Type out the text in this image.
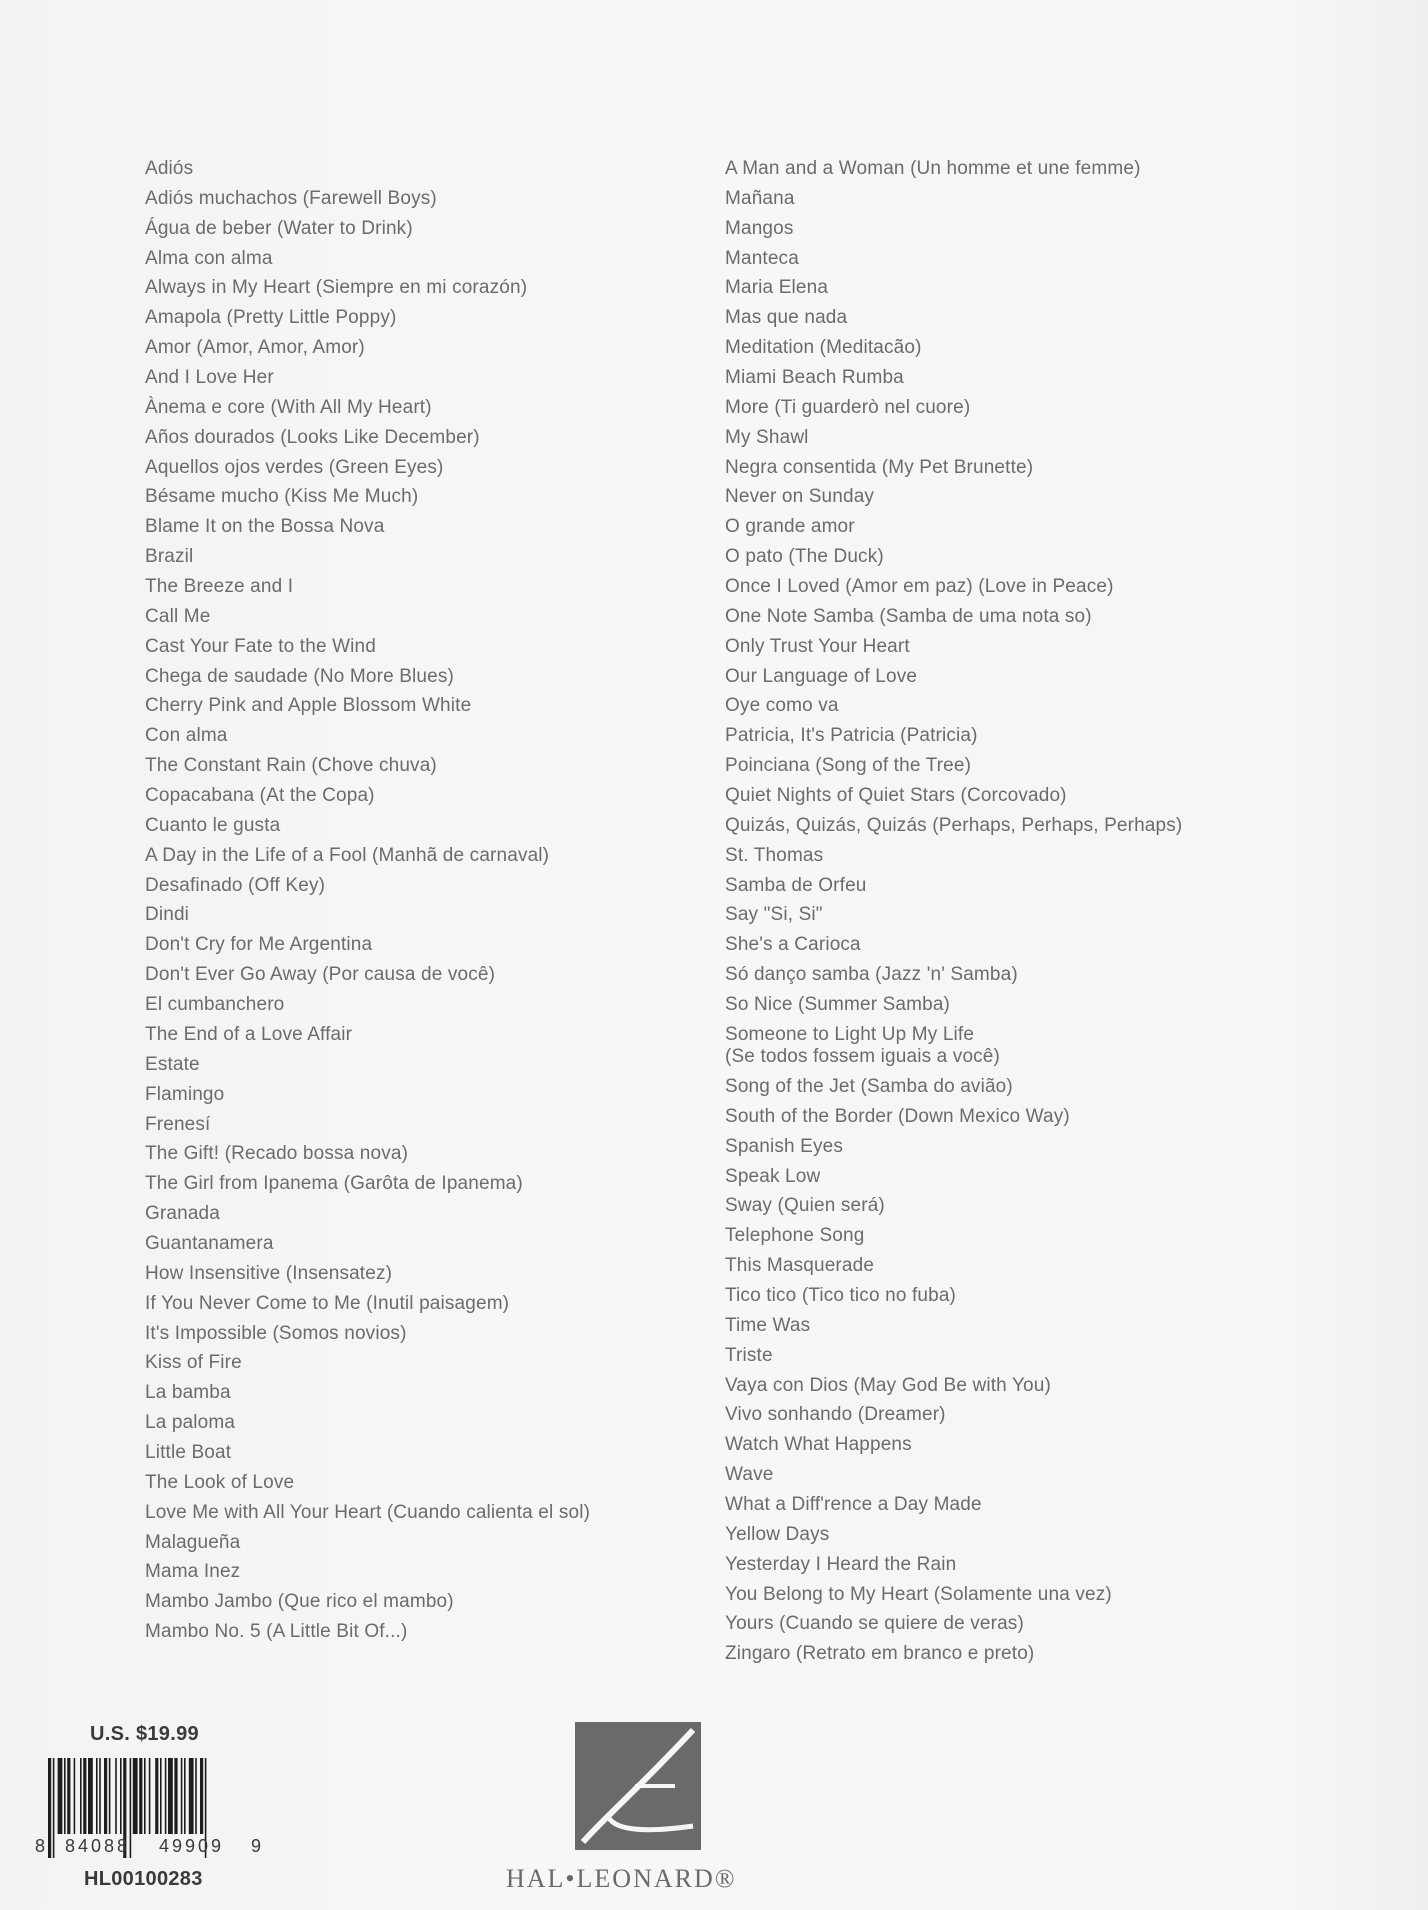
Adiós
Adiós muchachos (Farewell Boys)
Água de beber (Water to Drink)
Alma con alma
Always in My Heart (Siempre en mi corazón)
Amapola (Pretty Little Poppy)
Amor (Amor, Amor, Amor)
And I Love Her
Ànema e core (With All My Heart)
Años dourados (Looks Like December)
Aquellos ojos verdes (Green Eyes)
Bésame mucho (Kiss Me Much)
Blame It on the Bossa Nova
Brazil
The Breeze and I
Call Me
Cast Your Fate to the Wind
Chega de saudade (No More Blues)
Cherry Pink and Apple Blossom White
Con alma
The Constant Rain (Chove chuva)
Copacabana (At the Copa)
Cuanto le gusta
A Day in the Life of a Fool (Manhã de carnaval)
Desafinado (Off Key)
Dindi
Don't Cry for Me Argentina
Don't Ever Go Away (Por causa de você)
El cumbanchero
The End of a Love Affair
Estate
Flamingo
Frenesí
The Gift! (Recado bossa nova)
The Girl from Ipanema (Garôta de Ipanema)
Granada
Guantanamera
How Insensitive (Insensatez)
If You Never Come to Me (Inutil paisagem)
It's Impossible (Somos novios)
Kiss of Fire
La bamba
La paloma
Little Boat
The Look of Love
Love Me with All Your Heart (Cuando calienta el sol)
Malagueña
Mama Inez
Mambo Jambo (Que rico el mambo)
Mambo No. 5 (A Little Bit Of...)
A Man and a Woman (Un homme et une femme)
Mañana
Mangos
Manteca
Maria Elena
Mas que nada
Meditation (Meditacão)
Miami Beach Rumba
More (Ti guarderò nel cuore)
My Shawl
Negra consentida (My Pet Brunette)
Never on Sunday
O grande amor
O pato (The Duck)
Once I Loved (Amor em paz) (Love in Peace)
One Note Samba (Samba de uma nota so)
Only Trust Your Heart
Our Language of Love
Oye como va
Patricia, It's Patricia (Patricia)
Poinciana (Song of the Tree)
Quiet Nights of Quiet Stars (Corcovado)
Quizás, Quizás, Quizás (Perhaps, Perhaps, Perhaps)
St. Thomas
Samba de Orfeu
Say "Si, Si"
She's a Carioca
Só danço samba (Jazz 'n' Samba)
So Nice (Summer Samba)
Someone to Light Up My Life
(Se todos fossem iguais a você)
Song of the Jet (Samba do avião)
South of the Border (Down Mexico Way)
Spanish Eyes
Speak Low
Sway (Quien será)
Telephone Song
This Masquerade
Tico tico (Tico tico no fuba)
Time Was
Triste
Vaya con Dios (May God Be with You)
Vivo sonhando (Dreamer)
Watch What Happens
Wave
What a Diff'rence a Day Made
Yellow Days
Yesterday I Heard the Rain
You Belong to My Heart (Solamente una vez)
Yours (Cuando se quiere de veras)
Zingaro (Retrato em branco e preto)
U.S. $19.99
8 84088 49909 9
HL00100283	HAL•LEONARD®
